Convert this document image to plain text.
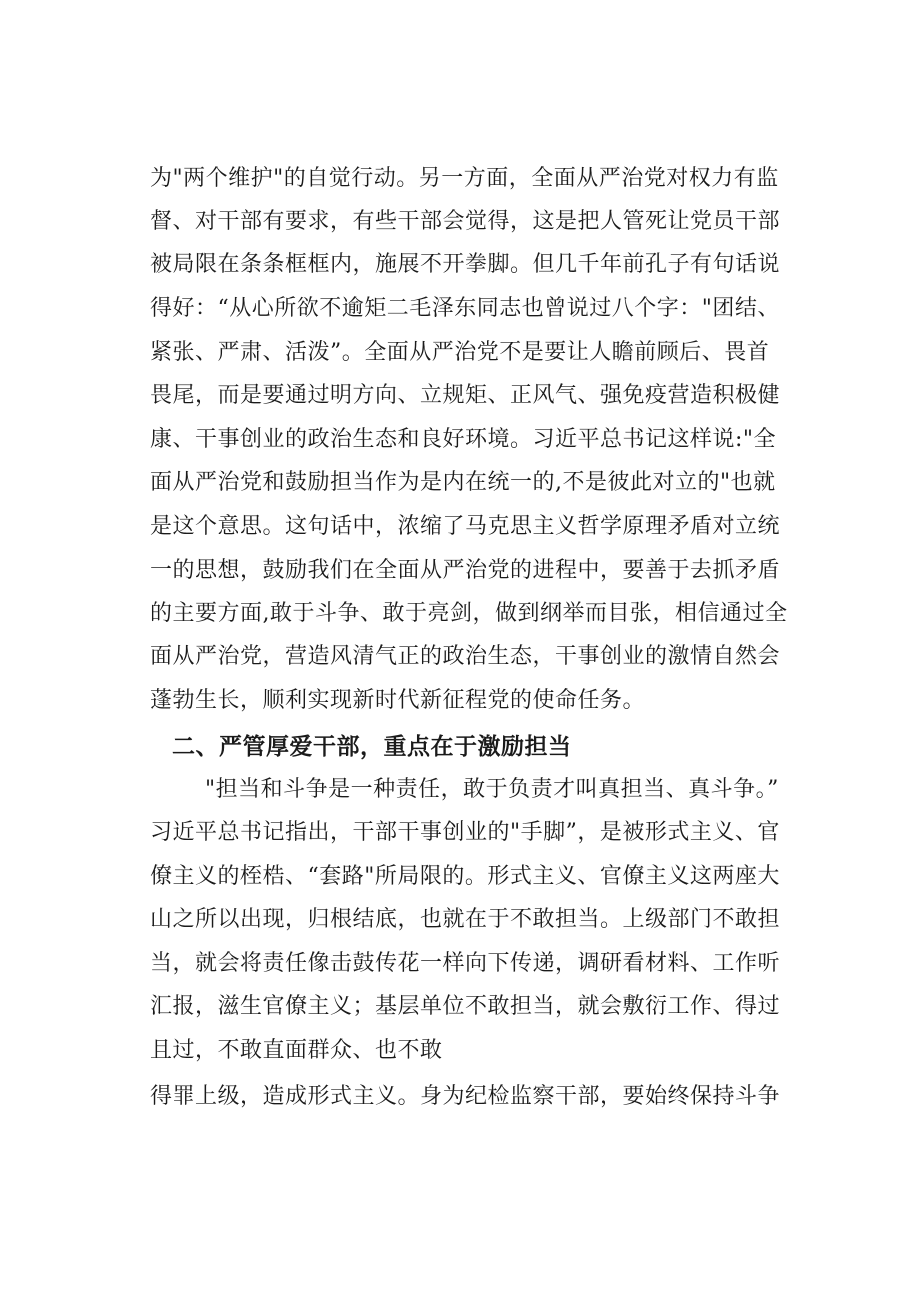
为"两个维护"的自觉行动。另一方面，全面从严治党对权力有监
督、对干部有要求，有些干部会觉得，这是把人管死让党员干部
被局限在条条框框内，施展不开拳脚。但几千年前孔子有句话说
得好：“从心所欲不逾矩二毛泽东同志也曾说过八个字："团结、
紧张、严肃、活泼”。全面从严治党不是要让人瞻前顾后、畏首
畏尾，而是要通过明方向、立规矩、正风气、强免疫营造积极健
康、干事创业的政治生态和良好环境。习近平总书记这样说:"全
面从严治党和鼓励担当作为是内在统一的,不是彼此对立的"也就
是这个意思。这句话中，浓缩了马克思主义哲学原理矛盾对立统
一的思想，鼓励我们在全面从严治党的进程中，要善于去抓矛盾
的主要方面,敢于斗争、敢于亮剑，做到纲举而目张，相信通过全
面从严治党，营造风清气正的政治生态，干事创业的激情自然会
蓬勃生长，顺利实现新时代新征程党的使命任务。
二、严管厚爱干部，重点在于激励担当
"担当和斗争是一种责任，敢于负责才叫真担当、真斗争。”
习近平总书记指出，干部干事创业的"手脚”，是被形式主义、官
僚主义的桎梏、“套路"所局限的。形式主义、官僚主义这两座大
山之所以出现，归根结底，也就在于不敢担当。上级部门不敢担
当，就会将责任像击鼓传花一样向下传递，调研看材料、工作听
汇报，滋生官僚主义；基层单位不敢担当，就会敷衍工作、得过
且过，不敢直面群众、也不敢
得罪上级，造成形式主义。身为纪检监察干部，要始终保持斗争
